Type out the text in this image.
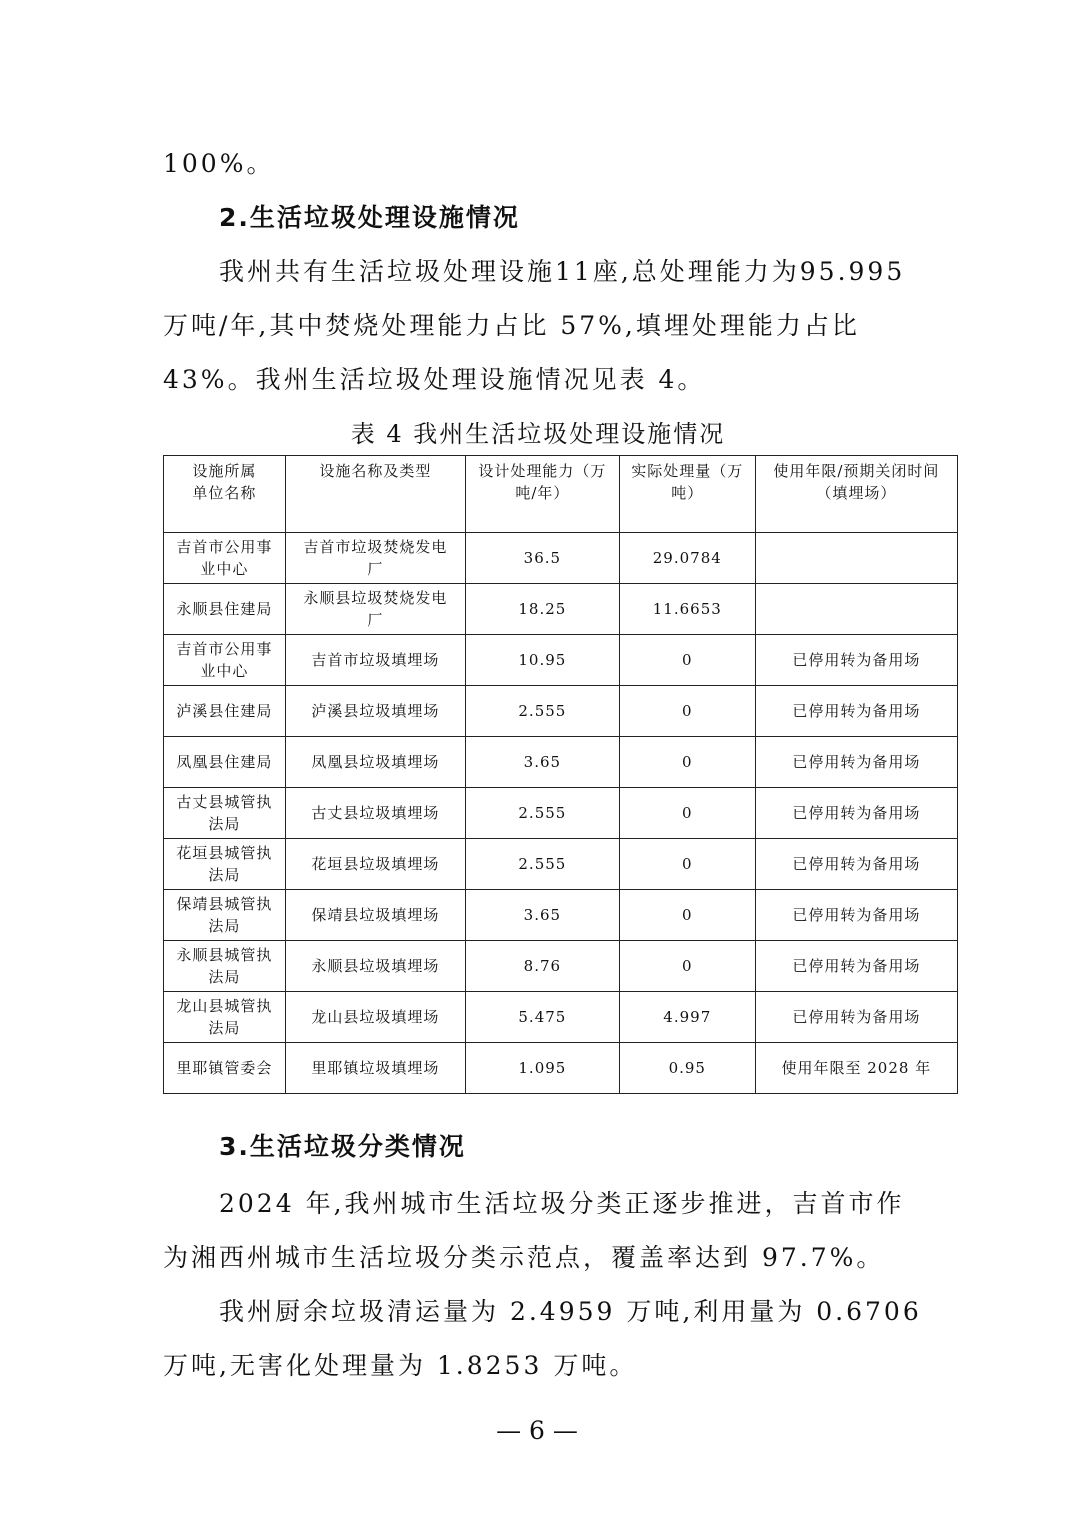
100%。

2.生活垃圾处理设施情况

我州共有生活垃圾处理设施11座,总处理能力为95.995
万吨/年,其中焚烧处理能力占比 57%,填埋处理能力占比
43%。我州生活垃圾处理设施情况见表 4。

表 4 我州生活垃圾处理设施情况

设施所属
单位名称	设施名称及类型	设计处理能力（万
吨/年）	实际处理量（万
吨）	使用年限/预期关闭时间
（填埋场）
吉首市公用事
业中心	吉首市垃圾焚烧发电
厂	36.5	29.0784	
永顺县住建局	永顺县垃圾焚烧发电
厂	18.25	11.6653	
吉首市公用事
业中心	吉首市垃圾填埋场	10.95	0	已停用转为备用场
泸溪县住建局	泸溪县垃圾填埋场	2.555	0	已停用转为备用场
凤凰县住建局	凤凰县垃圾填埋场	3.65	0	已停用转为备用场
古丈县城管执
法局	古丈县垃圾填埋场	2.555	0	已停用转为备用场
花垣县城管执
法局	花垣县垃圾填埋场	2.555	0	已停用转为备用场
保靖县城管执
法局	保靖县垃圾填埋场	3.65	0	已停用转为备用场
永顺县城管执
法局	永顺县垃圾填埋场	8.76	0	已停用转为备用场
龙山县城管执
法局	龙山县垃圾填埋场	5.475	4.997	已停用转为备用场
里耶镇管委会	里耶镇垃圾填埋场	1.095	0.95	使用年限至 2028 年
3.生活垃圾分类情况

2024 年,我州城市生活垃圾分类正逐步推进，吉首市作
为湘西州城市生活垃圾分类示范点，覆盖率达到 97.7%。

我州厨余垃圾清运量为 2.4959 万吨,利用量为 0.6706
万吨,无害化处理量为 1.8253 万吨。

— 6 —
